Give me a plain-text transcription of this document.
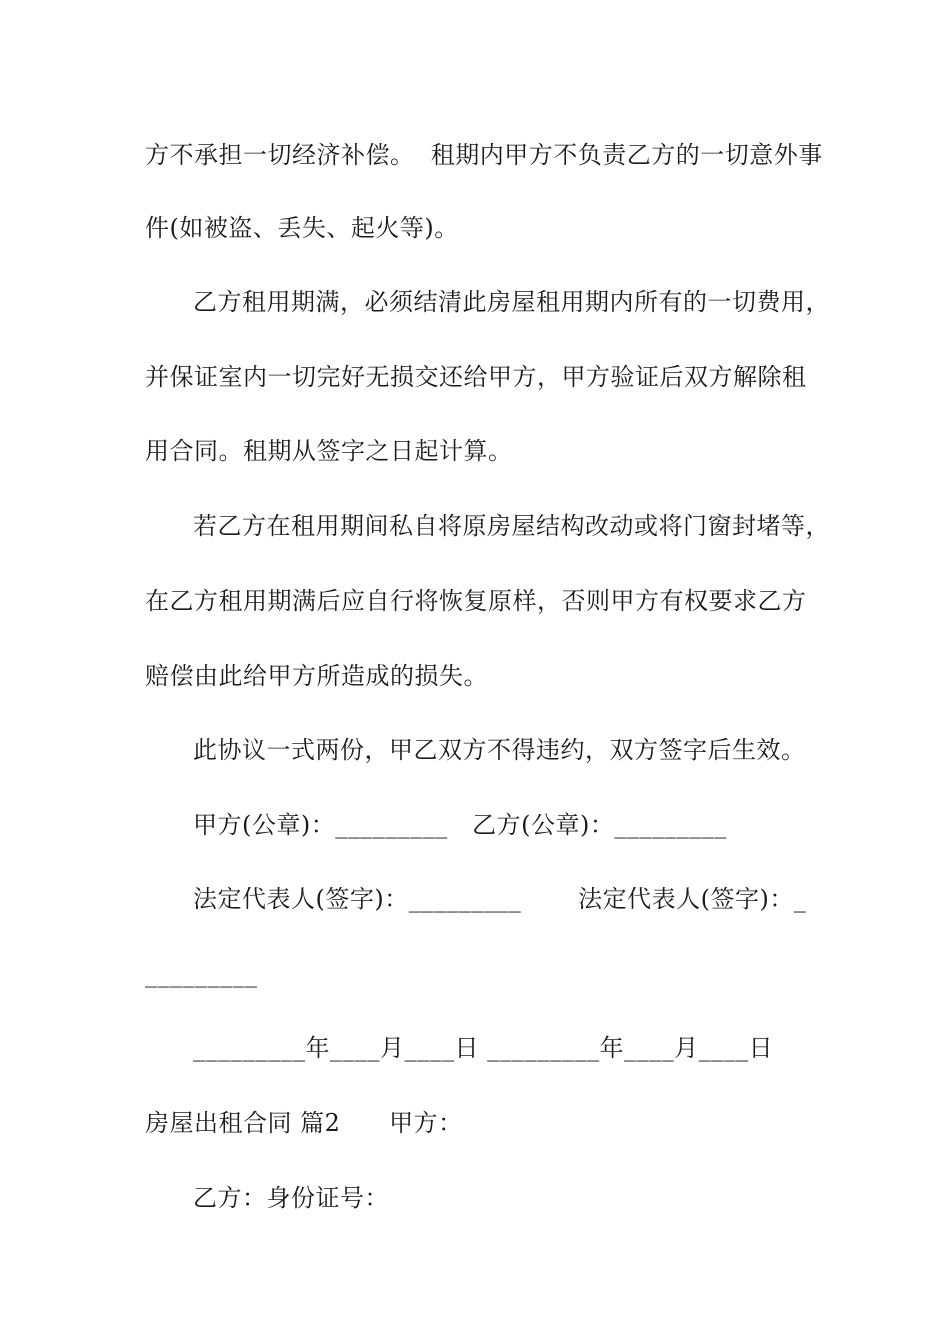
方不承担一切经济补偿。  租期内甲方不负责乙方的一切意外事
件(如被盗、丢失、起火等)。
乙方租用期满，必须结清此房屋租用期内所有的一切费用，
并保证室内一切完好无损交还给甲方，甲方验证后双方解除租
用合同。租期从签字之日起计算。
若乙方在租用期间私自将原房屋结构改动或将门窗封堵等，
在乙方租用期满后应自行将恢复原样，否则甲方有权要求乙方
赔偿由此给甲方所造成的损失。
此协议一式两份，甲乙双方不得违约，双方签字后生效。
甲方(公章)：_________   乙方(公章)：_________
法定代表人(签字)：_________       法定代表人(签字)：_
_________
_________年____月____日 _________年____月____日
房屋出租合同 篇2      甲方：
乙方：身份证号：
